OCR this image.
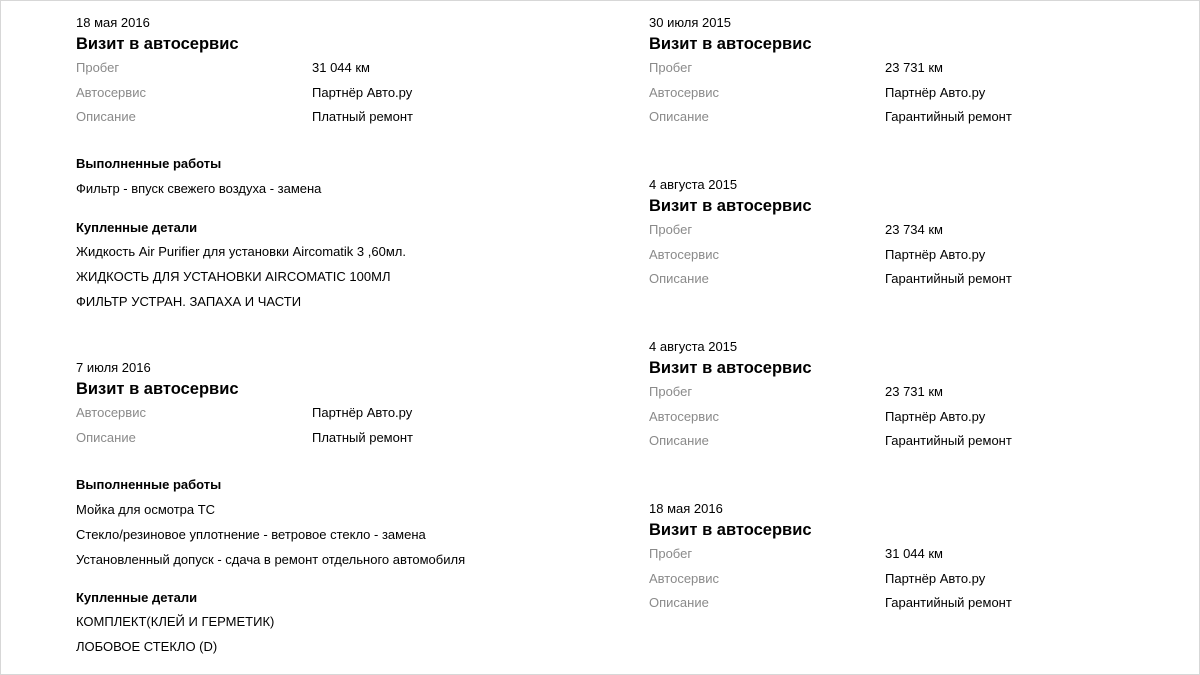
18 мая 2016
Визит в автосервис
Пробег	31 044 км
Автосервис	Партнёр Авто.ру
Описание	Платный ремонт
Выполненные работы
Фильтр - впуск свежего воздуха - замена
Купленные детали
Жидкость Air Purifier для установки Aircomatik 3 ,60мл.
ЖИДКОСТЬ ДЛЯ УСТАНОВКИ AIRCOMATIC 100МЛ
ФИЛЬТР УСТРАН. ЗАПАХА И ЧАСТИ
7 июля 2016
Визит в автосервис
Автосервис	Партнёр Авто.ру
Описание	Платный ремонт
Выполненные работы
Мойка для осмотра ТС
Стекло/резиновое уплотнение - ветровое стекло - замена
Установленный допуск - сдача в ремонт отдельного автомобиля
Купленные детали
КОМПЛЕКТ(КЛЕЙ И ГЕРМЕТИК)
ЛОБОВОЕ СТЕКЛО (D)
30 июля 2015
Визит в автосервис
Пробег	23 731 км
Автосервис	Партнёр Авто.ру
Описание	Гарантийный ремонт
4 августа 2015
Визит в автосервис
Пробег	23 734 км
Автосервис	Партнёр Авто.ру
Описание	Гарантийный ремонт
4 августа 2015
Визит в автосервис
Пробег	23 731 км
Автосервис	Партнёр Авто.ру
Описание	Гарантийный ремонт
18 мая 2016
Визит в автосервис
Пробег	31 044 км
Автосервис	Партнёр Авто.ру
Описание	Гарантийный ремонт
